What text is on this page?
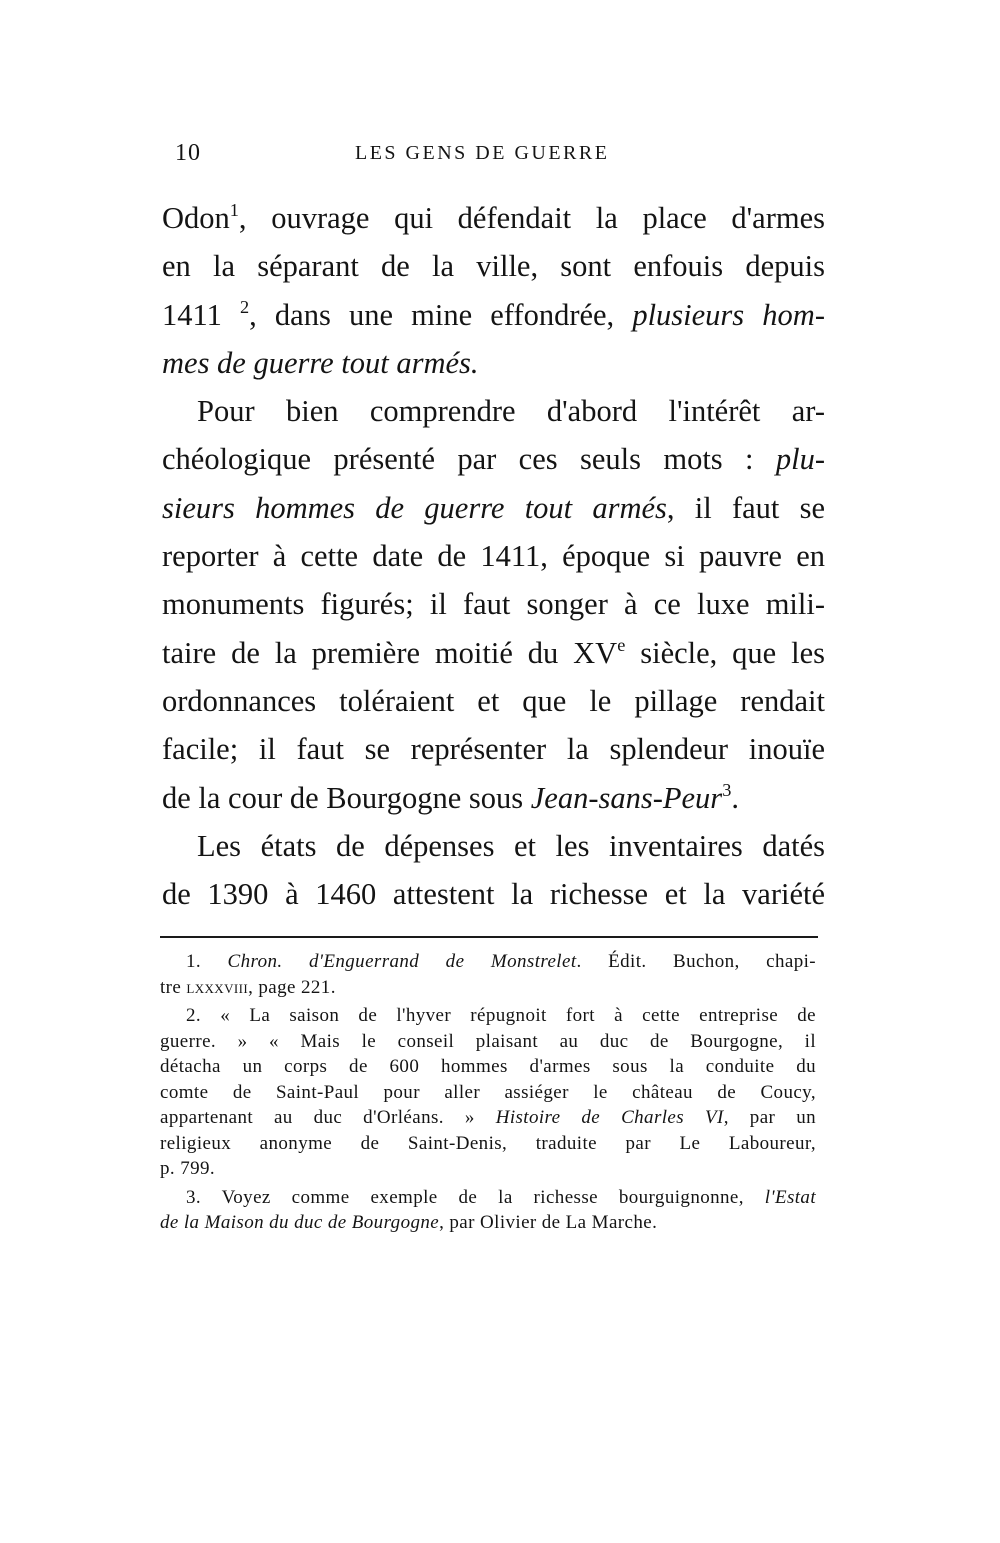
10	LES GENS DE GUERRE
Odon$^1$, ouvrage qui défendait la place d'armes
en la séparant de la ville, sont enfouis depuis
1411 $^2$, dans une mine effondrée, plusieurs hom-
mes de guerre tout armés.
Pour bien comprendre d'abord l'intérêt ar-
chéologique présenté par ces seuls mots : plu-
sieurs hommes de guerre tout armés, il faut se
reporter à cette date de 1411, époque si pauvre en
monuments figurés; il faut songer à ce luxe mili-
taire de la première moitié du XVe siècle, que les
ordonnances toléraient et que le pillage rendait
facile; il faut se représenter la splendeur inouïe
de la cour de Bourgogne sous Jean-sans-Peur$^3$.
Les états de dépenses et les inventaires datés
de 1390 à 1460 attestent la richesse et la variété
1. Chron. d'Enguerrand de Monstrelet. Édit. Buchon, chapi-
tre lxxxviii, page 221.
2. « La saison de l'hyver répugnoit fort à cette entreprise de
guerre. » « Mais le conseil plaisant au duc de Bourgogne, il
détacha un corps de 600 hommes d'armes sous la conduite du
comte de Saint-Paul pour aller assiéger le château de Coucy,
appartenant au duc d'Orléans. » Histoire de Charles VI, par un
religieux anonyme de Saint-Denis, traduite par Le Laboureur,
p. 799.
3. Voyez comme exemple de la richesse bourguignonne, l'Estat
de la Maison du duc de Bourgogne, par Olivier de La Marche.
